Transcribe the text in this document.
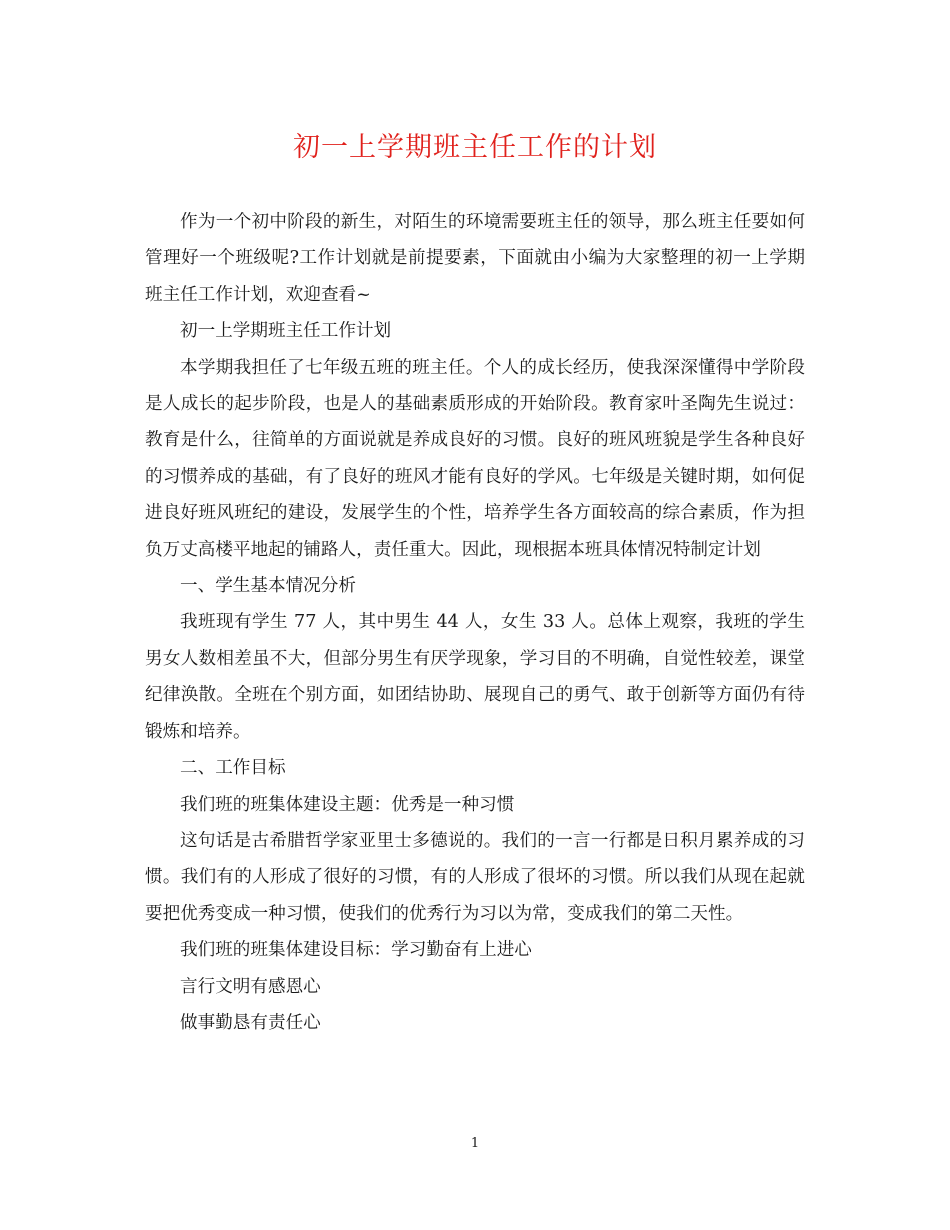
初一上学期班主任工作的计划

作为一个初中阶段的新生，对陌生的环境需要班主任的领导，那么班主任要如何管理好一个班级呢?工作计划就是前提要素，下面就由小编为大家整理的初一上学期班主任工作计划，欢迎查看~

初一上学期班主任工作计划

本学期我担任了七年级五班的班主任。个人的成长经历，使我深深懂得中学阶段是人成长的起步阶段，也是人的基础素质形成的开始阶段。教育家叶圣陶先生说过：教育是什么，往简单的方面说就是养成良好的习惯。良好的班风班貌是学生各种良好的习惯养成的基础，有了良好的班风才能有良好的学风。七年级是关键时期，如何促进良好班风班纪的建设，发展学生的个性，培养学生各方面较高的综合素质，作为担负万丈高楼平地起的铺路人，责任重大。因此，现根据本班具体情况特制定计划

一、学生基本情况分析

我班现有学生 77 人，其中男生 44 人，女生 33 人。总体上观察，我班的学生男女人数相差虽不大，但部分男生有厌学现象，学习目的不明确，自觉性较差，课堂纪律涣散。全班在个别方面，如团结协助、展现自己的勇气、敢于创新等方面仍有待锻炼和培养。

二、工作目标

我们班的班集体建设主题：优秀是一种习惯

这句话是古希腊哲学家亚里士多德说的。我们的一言一行都是日积月累养成的习惯。我们有的人形成了很好的习惯，有的人形成了很坏的习惯。所以我们从现在起就要把优秀变成一种习惯，使我们的优秀行为习以为常，变成我们的第二天性。

我们班的班集体建设目标：学习勤奋有上进心

言行文明有感恩心

做事勤恳有责任心

1
